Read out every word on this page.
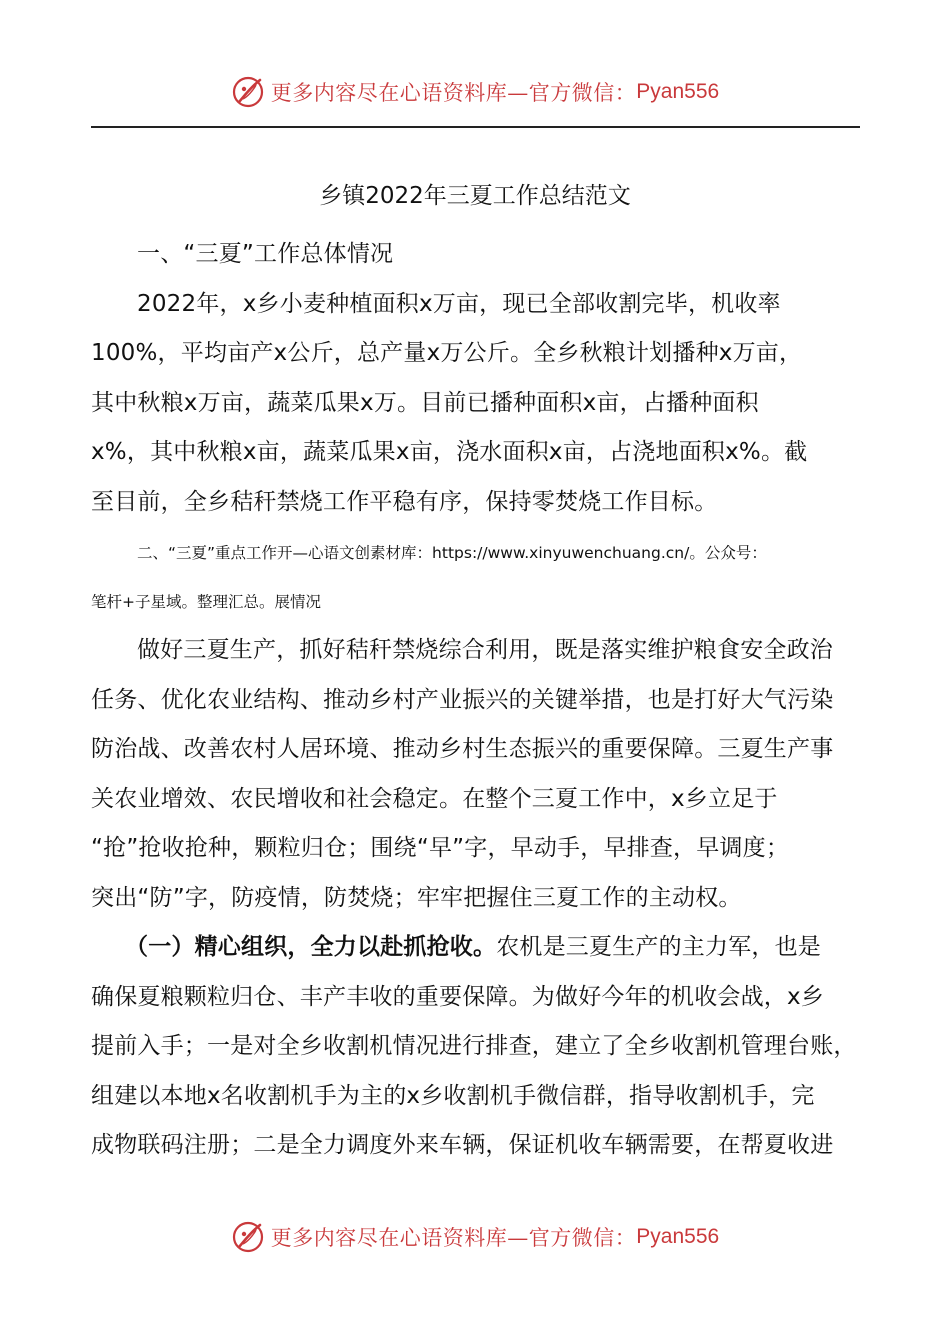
更多内容尽在心语资料库 —官方微信： Pyan556
乡镇2022年三夏工作总结范文
一、“三夏”工作总体情况
2022年，x乡小麦种植面积x万亩，现已全部收割完毕，机收率
100%，平均亩产x公斤，总产量x万公斤。全乡秋粮计划播种x万亩，
其中秋粮x万亩，蔬菜瓜果x万。目前已播种面积x亩，占播种面积
x%，其中秋粮x亩，蔬菜瓜果x亩，浇水面积x亩，占浇地面积x%。截
至目前，全乡秸秆禁烧工作平稳有序，保持零焚烧工作目标。
二、“三夏”重点工作开—心语文创素材库：https://www.xinyuwenchuang.cn/。公众号：
笔杆+子星域。整理汇总。展情况
做好三夏生产，抓好秸秆禁烧综合利用，既是落实维护粮食安全政治
任务、优化农业结构、推动乡村产业振兴的关键举措，也是打好大气污染
防治战、改善农村人居环境、推动乡村生态振兴的重要保障。三夏生产事
关农业增效、农民增收和社会稳定。在整个三夏工作中，x乡立足于
“抢”抢收抢种，颗粒归仓；围绕“早”字，早动手，早排查，早调度；
突出“防”字，防疫情，防焚烧；牢牢把握住三夏工作的主动权。
（一）精心组织，全力以赴抓抢收。农机是三夏生产的主力军，也是
确保夏粮颗粒归仓、丰产丰收的重要保障。为做好今年的机收会战，x乡
提前入手；一是对全乡收割机情况进行排查，建立了全乡收割机管理台账，
组建以本地x名收割机手为主的x乡收割机手微信群，指导收割机手，完
成物联码注册；二是全力调度外来车辆，保证机收车辆需要，在帮夏收进
更多内容尽在心语资料库 —官方微信： Pyan556
